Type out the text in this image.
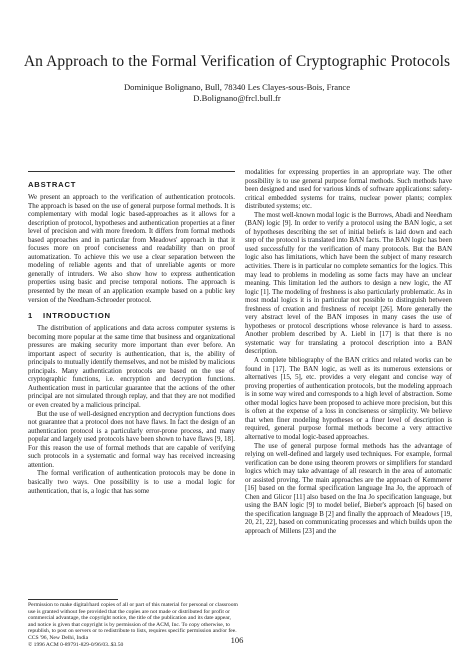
An Approach to the Formal Verification of Cryptographic Protocols
Dominique Bolignano, Bull, 78340 Les Clayes-sous-Bois, France
D.Bolignano@frcl.bull.fr
ABSTRACT

We present an approach to the verification of authentication protocols. The approach is based on the use of general purpose formal methods. It is complementary with modal logic based-approaches as it allows for a description of protocol, hypotheses and authentication properties at a finer level of precision and with more freedom. It differs from formal methods based approaches and in particular from Meadows' approach in that it focuses more on proof conciseness and readability than on proof automatization. To achieve this we use a clear separation between the modeling of reliable agents and that of unreliable agents or more generally of intruders. We also show how to express authentication properties using basic and precise temporal notions. The approach is presented by the mean of an application example based on a public key version of the Needham-Schroeder protocol.

1 INTRODUCTION

The distribution of applications and data across computer systems is becoming more popular at the same time that business and organizational pressures are making security more important than ever before. An important aspect of security is authentication, that is, the ability of principals to mutually identify themselves, and not be misled by malicious principals. Many authentication protocols are based on the use of cryptographic functions, i.e. encryption and decryption functions. Authentication must in particular guarantee that the actions of the other principal are not simulated through replay, and that they are not modified or even created by a malicious principal.

But the use of well-designed encryption and decryption functions does not guarantee that a protocol does not have flaws. In fact the design of an authentication protocol is a particularly error-prone process, and many popular and largely used protocols have been shown to have flaws [9, 18]. For this reason the use of formal methods that are capable of verifying such protocols in a systematic and formal way has received increasing attention.

The formal verification of authentication protocols may be done in basically two ways. One possibility is to use a modal logic for authentication, that is, a logic that has some

modalities for expressing properties in an appropriate way. The other possibility is to use general purpose formal methods. Such methods have been designed and used for various kinds of software applications: safety-critical embedded systems for trains, nuclear power plants; complex distributed systems; etc.

The most well-known modal logic is the Burrows, Abadi and Needham (BAN) logic [9]. In order to verify a protocol using the BAN logic, a set of hypotheses describing the set of initial beliefs is laid down and each step of the protocol is translated into BAN facts. The BAN logic has been used successfully for the verification of many protocols. But the BAN logic also has limitations, which have been the subject of many research activities. There is in particular no complete semantics for the logics. This may lead to problems in modeling as some facts may have an unclear meaning. This limitation led the authors to design a new logic, the AT logic [1]. The modeling of freshness is also particularly problematic. As in most modal logics it is in particular not possible to distinguish between freshness of creation and freshness of receipt [26]. More generally the very abstract level of the BAN imposes in many cases the use of hypotheses or protocol descriptions whose relevance is hard to assess. Another problem described by A. Liebl in [17] is that there is no systematic way for translating a protocol description into a BAN description.

A complete bibliography of the BAN critics and related works can be found in [17]. The BAN logic, as well as its numerous extensions or alternatives [15, 5], etc. provides a very elegant and concise way of proving properties of authentication protocols, but the modeling approach is in some way wired and corresponds to a high level of abstraction. Some other modal logics have been proposed to achieve more precision, but this is often at the expense of a loss in conciseness or simplicity. We believe that when finer modeling hypotheses or a finer level of description is required, general purpose formal methods become a very attractive alternative to modal logic-based approaches.

The use of general purpose formal methods has the advantage of relying on well-defined and largely used techniques. For example, formal verification can be done using theorem provers or simplifiers for standard logics which may take advantage of all research in the area of automatic or assisted proving. The main approaches are the approach of Kemmerer [16] based on the formal specification language Ina Jo, the approach of Chen and Glicor [11] also based on the Ina Jo specification language, but using the BAN logic [9] to model belief, Bieber's approach [6] based on the specification language B [2] and finally the approach of Meadows [19, 20, 21, 22], based on communicating processes and which builds upon the approach of Millens [23] and the

Permission to make digital/hard copies of all or part of this material for personal or classroom use is granted without fee provided that the copies are not made or distributed for profit or commercial advantage, the copyright notice, the title of the publication and its date appear, and notice is given that copyright is by permission of the ACM, Inc. To copy otherwise, to republish, to post on servers or to redistribute to lists, requires specific permission and/or fee.
CCS '96, New Delhi, India
© 1996 ACM 0-89791-829-0/96/03..$3.50	106
